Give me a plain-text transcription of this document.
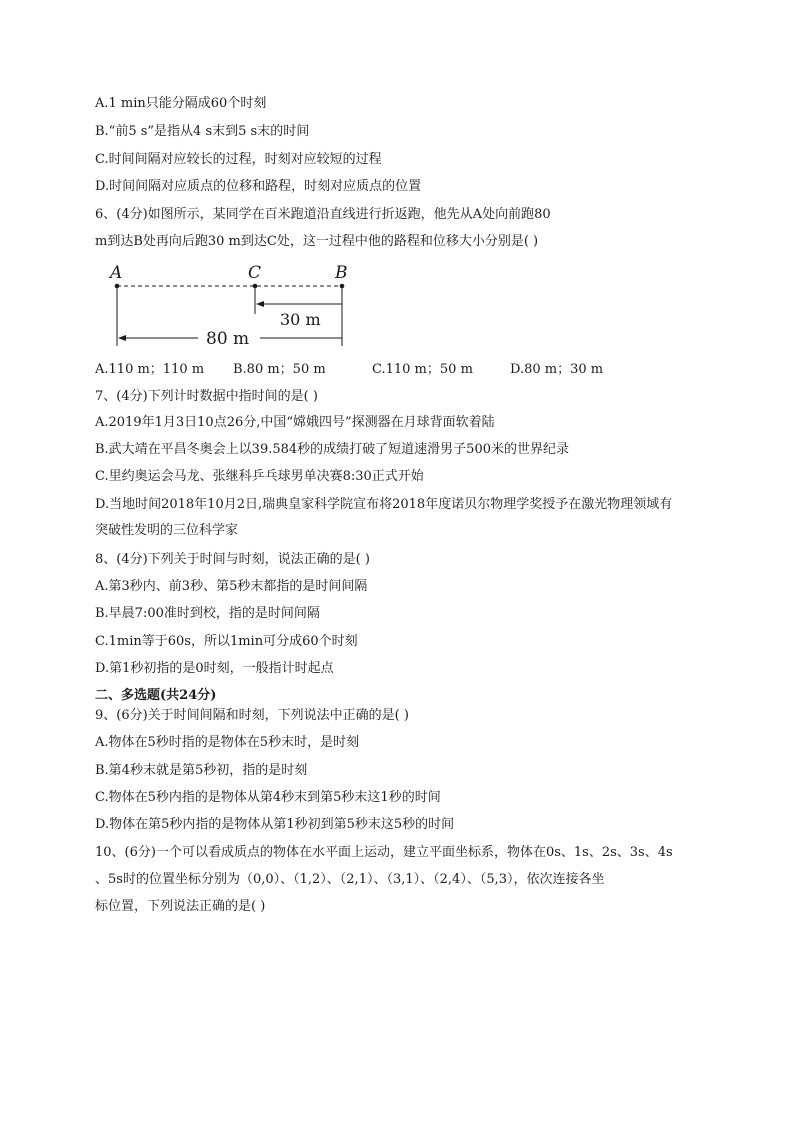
A.1 min只能分隔成60个时刻
B.“前5 s”是指从4 s末到5 s末的时间
C.时间间隔对应较长的过程，时刻对应较短的过程
D.时间间隔对应质点的位移和路程，时刻对应质点的位置
6、(4分)如图所示，某同学在百米跑道沿直线进行折返跑，他先从A处向前跑80
m到达B处再向后跑30 m到达C处，这一过程中他的路程和位移大小分别是( )
A	C	B
30 m
80 m
A.110 m；110 m B.80 m；50 m	C.110 m；50 m	D.80 m；30 m
7、(4分)下列计时数据中指时间的是( )
A.2019年1月3日10点26分,中国“嫦娥四号”探测器在月球背面软着陆
B.武大靖在平昌冬奥会上以39.584秒的成绩打破了短道速滑男子500米的世界纪录
C.里约奥运会马龙、张继科乒乓球男单决赛8:30正式开始
D.当地时间2018年10月2日,瑞典皇家科学院宣布将2018年度诺贝尔物理学奖授予在激光物理领域有
突破性发明的三位科学家
8、(4分)下列关于时间与时刻，说法正确的是( )
A.第3秒内、前3秒、第5秒末都指的是时间间隔
B.早晨7:00准时到校，指的是时间间隔
C.1min等于60s，所以1min可分成60个时刻
D.第1秒初指的是0时刻，一般指计时起点
二、多选题(共24分)
9、(6分)关于时间间隔和时刻，下列说法中正确的是( )
A.物体在5秒时指的是物体在5秒末时，是时刻
B.第4秒末就是第5秒初，指的是时刻
C.物体在5秒内指的是物体从第4秒末到第5秒末这1秒的时间
D.物体在第5秒内指的是物体从第1秒初到第5秒末这5秒的时间
10、(6分)一个可以看成质点的物体在水平面上运动，建立平面坐标系，物体在0s、1s、2s、3s、4s
、5s时的位置坐标分别为（0,0）、（1,2）、（2,1）、（3,1）、（2,4）、（5,3），依次连接各坐
标位置，下列说法正确的是( )
